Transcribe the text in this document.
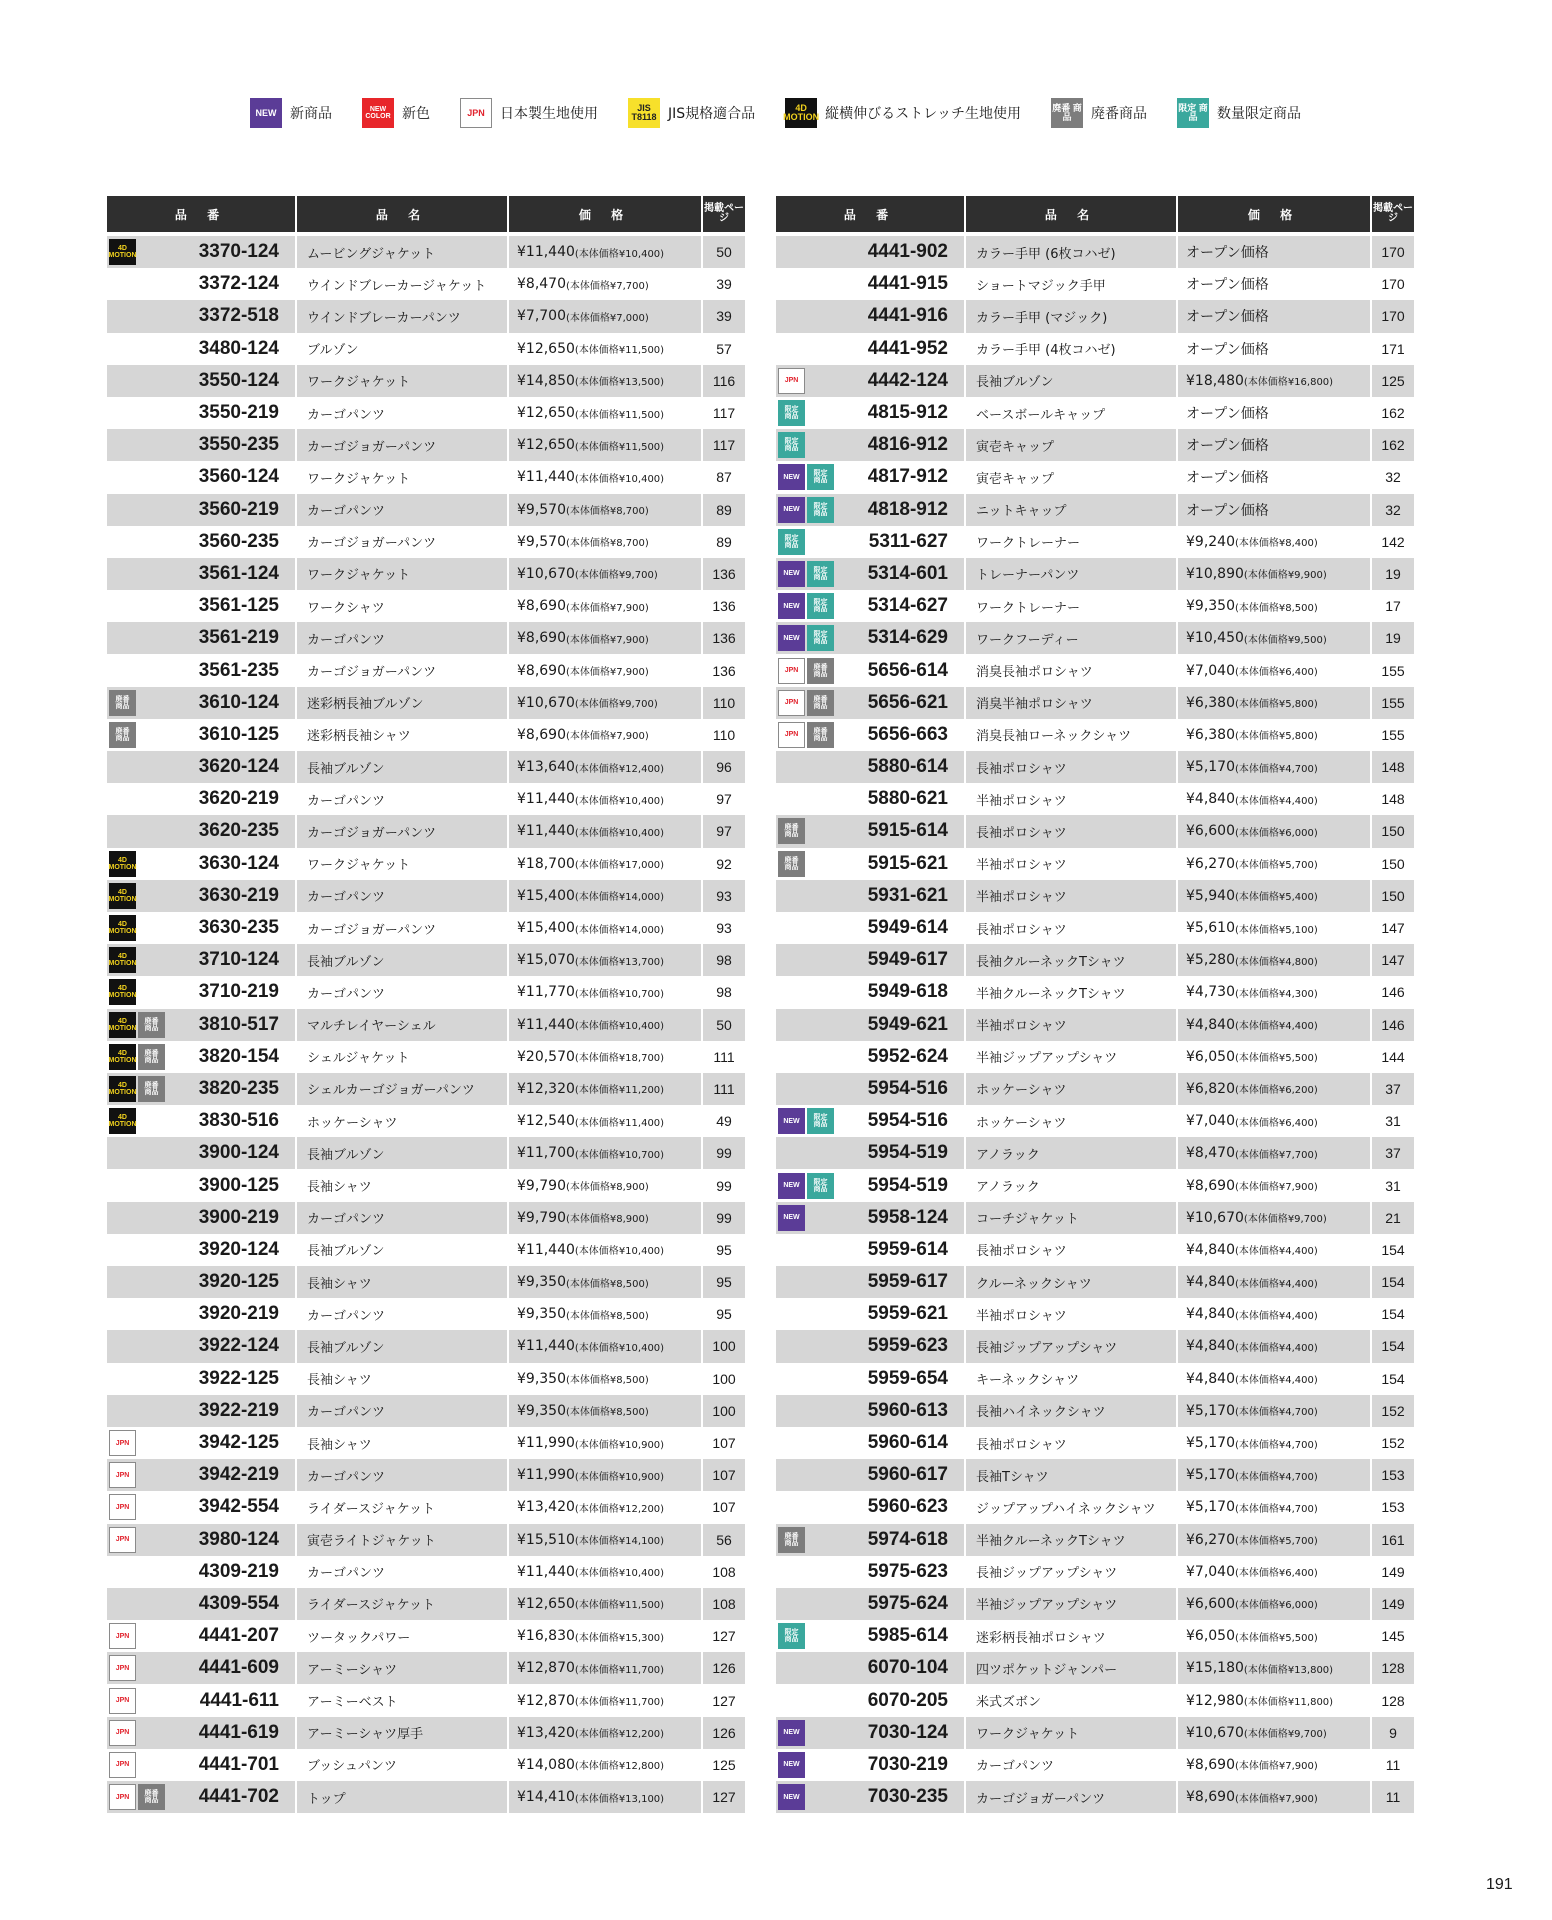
NEW 新商品	NEW COLOR 新色	JPN 日本製生地使用	JIS T8118 JIS規格適合品	4D MOTION 縦横伸びるストレッチ生地使用	廃番 商品	廃番商品	限定 商品	数量限定商品
品 番	品 名	価 格	掲載ページ
4D
MOTION	3370-124	ムービングジャケット	¥11,440 (本体価格¥10,400)	50
3372-124	ウインドブレーカージャケット	¥8,470 (本体価格¥7,700)	39
3372-518	ウインドブレーカーパンツ	¥7,700 (本体価格¥7,000)	39
3480-124	ブルゾン	¥12,650 (本体価格¥11,500)	57
3550-124	ワークジャケット	¥14,850 (本体価格¥13,500)	116
3550-219	カーゴパンツ	¥12,650 (本体価格¥11,500)	117
3550-235	カーゴジョガーパンツ	¥12,650 (本体価格¥11,500)	117
3560-124	ワークジャケット	¥11,440 (本体価格¥10,400)	87
3560-219	カーゴパンツ	¥9,570 (本体価格¥8,700)	89
3560-235	カーゴジョガーパンツ	¥9,570 (本体価格¥8,700)	89
3561-124	ワークジャケット	¥10,670 (本体価格¥9,700)	136
3561-125	ワークシャツ	¥8,690 (本体価格¥7,900)	136
3561-219	カーゴパンツ	¥8,690 (本体価格¥7,900)	136
3561-235	カーゴジョガーパンツ	¥8,690 (本体価格¥7,900)	136
廃番
商品	3610-124	迷彩柄長袖ブルゾン	¥10,670 (本体価格¥9,700)	110
廃番
商品	3610-125	迷彩柄長袖シャツ	¥8,690 (本体価格¥7,900)	110
3620-124	長袖ブルゾン	¥13,640 (本体価格¥12,400)	96
3620-219	カーゴパンツ	¥11,440 (本体価格¥10,400)	97
3620-235	カーゴジョガーパンツ	¥11,440 (本体価格¥10,400)	97
4D
MOTION	3630-124	ワークジャケット	¥18,700 (本体価格¥17,000)	92
4D
MOTION	3630-219	カーゴパンツ	¥15,400 (本体価格¥14,000)	93
4D
MOTION	3630-235	カーゴジョガーパンツ	¥15,400 (本体価格¥14,000)	93
4D
MOTION	3710-124	長袖ブルゾン	¥15,070 (本体価格¥13,700)	98
4D
MOTION	3710-219	カーゴパンツ	¥11,770 (本体価格¥10,700)	98
4D
MOTION
廃番
商品 3810-517	マルチレイヤーシェル	¥11,440 (本体価格¥10,400)	50
4D
MOTION
廃番
商品 3820-154	シェルジャケット	¥20,570 (本体価格¥18,700)	111
4D
MOTION
廃番
商品 3820-235	シェルカーゴジョガーパンツ	¥12,320 (本体価格¥11,200)	111
4D
MOTION	3830-516	ホッケーシャツ	¥12,540 (本体価格¥11,400)	49
3900-124	長袖ブルゾン	¥11,700 (本体価格¥10,700)	99
3900-125	長袖シャツ	¥9,790 (本体価格¥8,900)	99
3900-219	カーゴパンツ	¥9,790 (本体価格¥8,900)	99
3920-124	長袖ブルゾン	¥11,440 (本体価格¥10,400)	95
3920-125	長袖シャツ	¥9,350 (本体価格¥8,500)	95
3920-219	カーゴパンツ	¥9,350 (本体価格¥8,500)	95
3922-124	長袖ブルゾン	¥11,440 (本体価格¥10,400)	100
3922-125	長袖シャツ	¥9,350 (本体価格¥8,500)	100
3922-219	カーゴパンツ	¥9,350 (本体価格¥8,500)	100
JPN	3942-125	長袖シャツ	¥11,990 (本体価格¥10,900)	107
JPN	3942-219	カーゴパンツ	¥11,990 (本体価格¥10,900)	107
JPN	3942-554	ライダースジャケット	¥13,420 (本体価格¥12,200)	107
JPN	3980-124	寅壱ライトジャケット	¥15,510 (本体価格¥14,100)	56
4309-219	カーゴパンツ	¥11,440 (本体価格¥10,400)	108
4309-554	ライダースジャケット	¥12,650 (本体価格¥11,500)	108
JPN	4441-207	ツータックパワー	¥16,830 (本体価格¥15,300)	127
JPN	4441-609	アーミーシャツ	¥12,870 (本体価格¥11,700)	126
JPN	4441-611	アーミーベスト	¥12,870 (本体価格¥11,700)	127
JPN	4441-619	アーミーシャツ厚手	¥13,420 (本体価格¥12,200)	126
JPN	4441-701	ブッシュパンツ	¥14,080 (本体価格¥12,800)	125
JPN 廃番
商品 4441-702	トップ	¥14,410 (本体価格¥13,100)	127
品 番	品 名	価 格	掲載ページ
4441-902	カラー手甲 (6枚コハゼ)	オープン価格	170
4441-915	ショートマジック手甲	オープン価格	170
4441-916	カラー手甲 (マジック)	オープン価格	170
4441-952	カラー手甲 (4枚コハゼ)	オープン価格	171
JPN	4442-124	長袖ブルゾン	¥18,480 (本体価格¥16,800)	125
限定
商品	4815-912	ベースボールキャップ	オープン価格	162
限定
商品	4816-912	寅壱キャップ	オープン価格	162
NEW 限定
商品 4817-912	寅壱キャップ	オープン価格	32
NEW 限定
商品 4818-912	ニットキャップ	オープン価格	32
限定
商品	5311-627	ワークトレーナー	¥9,240 (本体価格¥8,400)	142
NEW 限定
商品 5314-601	トレーナーパンツ	¥10,890 (本体価格¥9,900)	19
NEW 限定
商品 5314-627	ワークトレーナー	¥9,350 (本体価格¥8,500)	17
NEW 限定
商品 5314-629	ワークフーディー	¥10,450 (本体価格¥9,500)	19
JPN 廃番
商品 5656-614	消臭長袖ポロシャツ	¥7,040 (本体価格¥6,400)	155
JPN 廃番
商品 5656-621	消臭半袖ポロシャツ	¥6,380 (本体価格¥5,800)	155
JPN 廃番
商品 5656-663	消臭長袖ローネックシャツ	¥6,380 (本体価格¥5,800)	155
5880-614	長袖ポロシャツ	¥5,170 (本体価格¥4,700)	148
5880-621	半袖ポロシャツ	¥4,840 (本体価格¥4,400)	148
廃番
商品	5915-614	長袖ポロシャツ	¥6,600 (本体価格¥6,000)	150
廃番
商品	5915-621	半袖ポロシャツ	¥6,270 (本体価格¥5,700)	150
5931-621	半袖ポロシャツ	¥5,940 (本体価格¥5,400)	150
5949-614	長袖ポロシャツ	¥5,610 (本体価格¥5,100)	147
5949-617	長袖クルーネックTシャツ	¥5,280 (本体価格¥4,800)	147
5949-618	半袖クルーネックTシャツ	¥4,730 (本体価格¥4,300)	146
5949-621	半袖ポロシャツ	¥4,840 (本体価格¥4,400)	146
5952-624	半袖ジップアップシャツ	¥6,050 (本体価格¥5,500)	144
5954-516	ホッケーシャツ	¥6,820 (本体価格¥6,200)	37
NEW 限定
商品 5954-516	ホッケーシャツ	¥7,040 (本体価格¥6,400)	31
5954-519	アノラック	¥8,470 (本体価格¥7,700)	37
NEW 限定
商品 5954-519	アノラック	¥8,690 (本体価格¥7,900)	31
NEW	5958-124	コーチジャケット	¥10,670 (本体価格¥9,700)	21
5959-614	長袖ポロシャツ	¥4,840 (本体価格¥4,400)	154
5959-617	クルーネックシャツ	¥4,840 (本体価格¥4,400)	154
5959-621	半袖ポロシャツ	¥4,840 (本体価格¥4,400)	154
5959-623	長袖ジップアップシャツ	¥4,840 (本体価格¥4,400)	154
5959-654	キーネックシャツ	¥4,840 (本体価格¥4,400)	154
5960-613	長袖ハイネックシャツ	¥5,170 (本体価格¥4,700)	152
5960-614	長袖ポロシャツ	¥5,170 (本体価格¥4,700)	152
5960-617	長袖Tシャツ	¥5,170 (本体価格¥4,700)	153
5960-623	ジップアップハイネックシャツ	¥5,170 (本体価格¥4,700)	153
廃番
商品	5974-618	半袖クルーネックTシャツ	¥6,270 (本体価格¥5,700)	161
5975-623	長袖ジップアップシャツ	¥7,040 (本体価格¥6,400)	149
5975-624	半袖ジップアップシャツ	¥6,600 (本体価格¥6,000)	149
限定
商品	5985-614	迷彩柄長袖ポロシャツ	¥6,050 (本体価格¥5,500)	145
6070-104	四ツポケットジャンパー	¥15,180 (本体価格¥13,800)	128
6070-205	米式ズボン	¥12,980 (本体価格¥11,800)	128
NEW	7030-124	ワークジャケット	¥10,670 (本体価格¥9,700)	9
NEW	7030-219	カーゴパンツ	¥8,690 (本体価格¥7,900)	11
NEW	7030-235	カーゴジョガーパンツ	¥8,690 (本体価格¥7,900)	11
191
